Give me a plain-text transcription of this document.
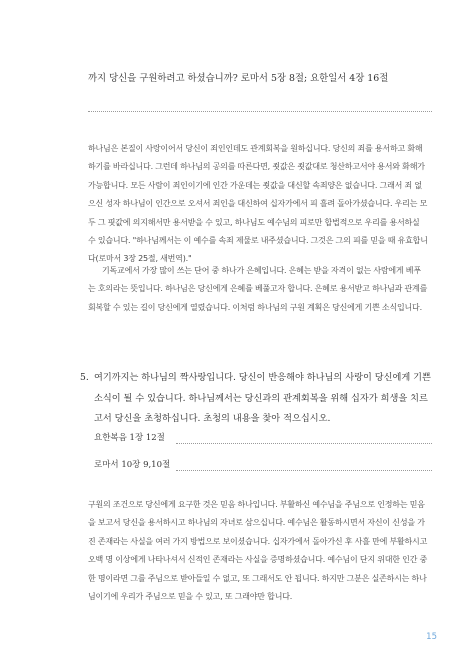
까지 당신을 구원하려고 하셨습니까? 로마서 5장 8절; 요한일서 4장 16절
하나님은 본질이 사랑이어서 당신이 죄인인데도 관계회복을 원하십니다. 당신의 죄를 용서하고 화해하기를 바라십니다. 그런데 하나님의 공의를 따른다면, 죗값은 죗값대로 청산하고서야 용서와 화해가 가능합니다. 모든 사람이 죄인이기에 인간 가운데는 죗값을 대신할 속죄양은 없습니다. 그래서 죄 없으신 성자 하나님이 인간으로 오셔서 죄인을 대신하여 십자가에서 피 흘려 돌아가셨습니다. 우리는 모두 그 핏값에 의지해서만 용서받을 수 있고, 하나님도 예수님의 피로만 합법적으로 우리를 용서하실 수 있습니다. "하나님께서는 이 예수를 속죄 제물로 내주셨습니다. 그것은 그의 피를 믿을 때 유효합니다(로마서 3장 25절, 새번역)."
기독교에서 가장 많이 쓰는 단어 중 하나가 은혜입니다. 은혜는 받을 자격이 없는 사람에게 베푸는 호의라는 뜻입니다. 하나님은 당신에게 은혜를 베풀고자 합니다. 은혜로 용서받고 하나님과 관계를 회복할 수 있는 길이 당신에게 열렸습니다. 이처럼 하나님의 구원 계획은 당신에게 기쁜 소식입니다.
5. 여기까지는 하나님의 짝사랑입니다. 당신이 반응해야 하나님의 사랑이 당신에게 기쁜 소식이 될 수 있습니다. 하나님께서는 당신과의 관계회복을 위해 십자가 희생을 치르고서 당신을 초청하십니다. 초청의 내용을 찾아 적으십시오.
요한복음 1장 12절
로마서 10장 9,10절
구원의 조건으로 당신에게 요구한 것은 믿음 하나입니다. 부활하신 예수님을 주님으로 인정하는 믿음을 보고서 당신을 용서하시고 하나님의 자녀로 삼으십니다. 예수님은 활동하시면서 자신이 신성을 가진 존재라는 사실을 여러 가지 방법으로 보이셨습니다. 십자가에서 돌아가신 후 사흘 만에 부활하시고 오백 명 이상에게 나타나셔서 신적인 존재라는 사실을 증명하셨습니다. 예수님이 단지 위대한 인간 중 한 명이라면 그를 주님으로 받아들일 수 없고, 또 그래서도 안 됩니다. 하지만 그분은 실존하시는 하나님이기에 우리가 주님으로 믿을 수 있고, 또 그래야만 합니다.
15
